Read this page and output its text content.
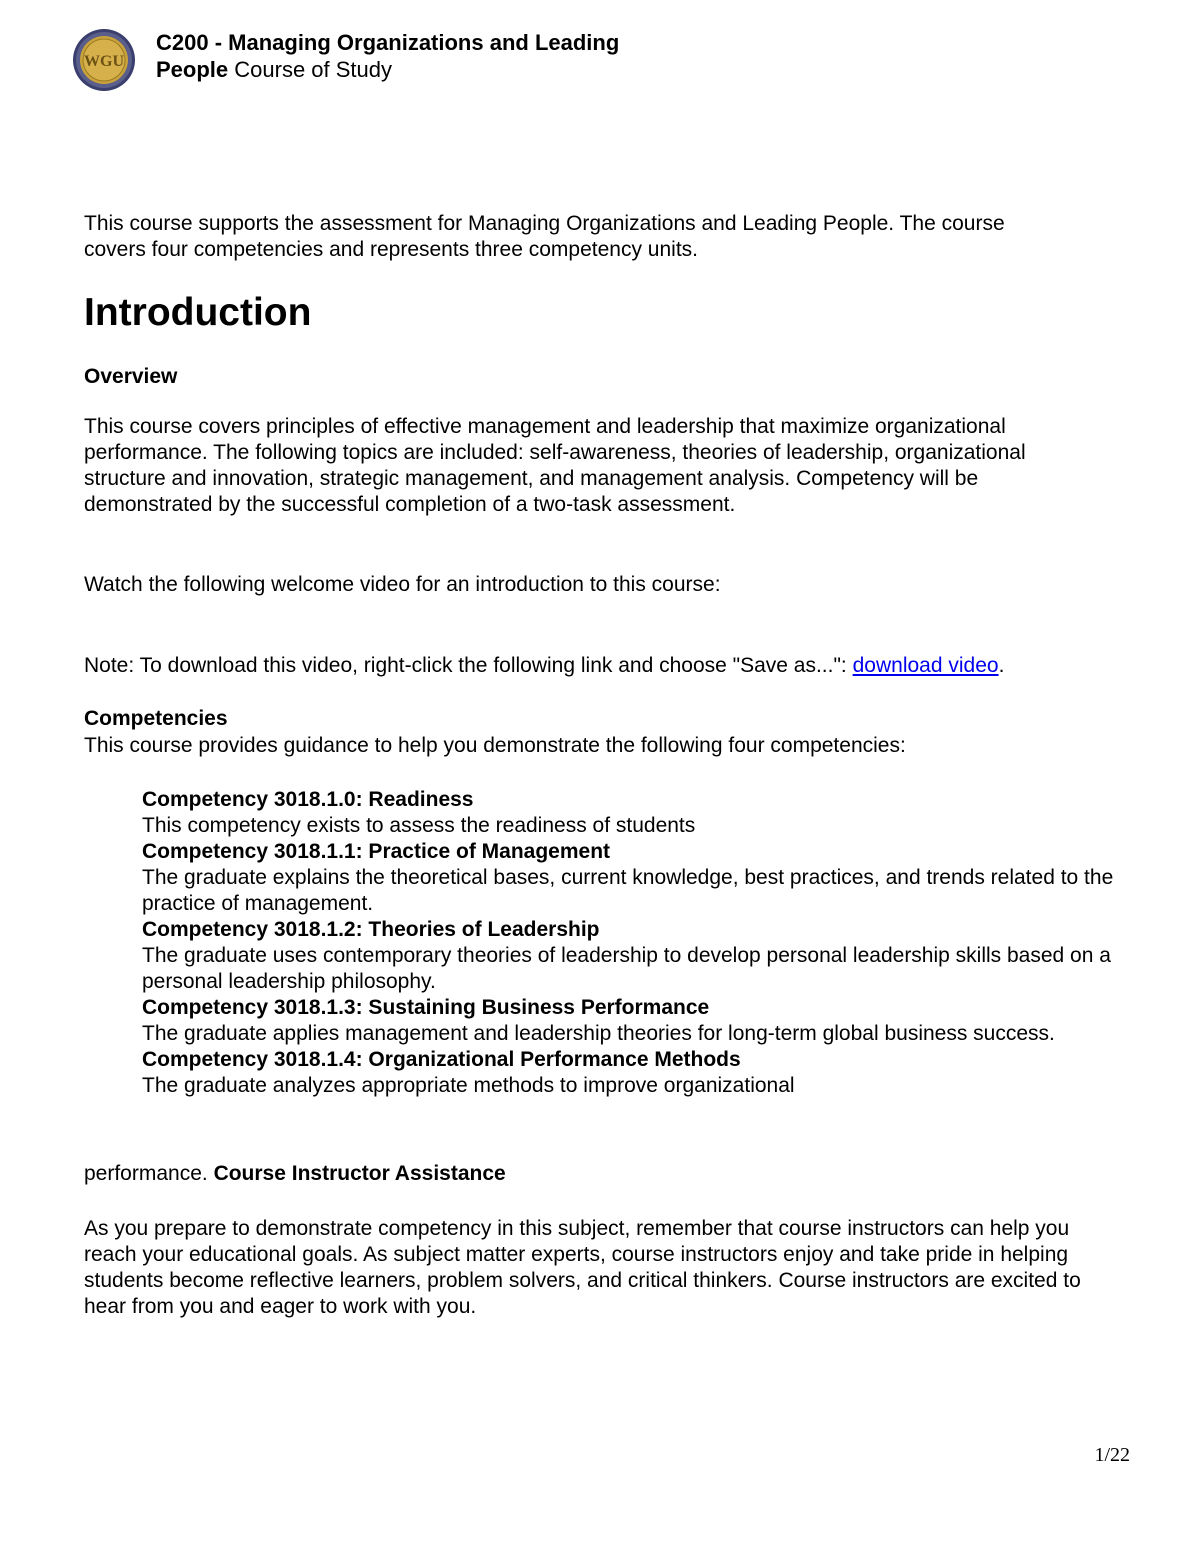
WGU
C200 - Managing Organizations and Leading
People Course of Study
This course supports the assessment for Managing Organizations and Leading People. The course covers four competencies and represents three competency units.
Introduction
Overview
This course covers principles of effective management and leadership that maximize organizational performance. The following topics are included: self-awareness, theories of leadership, organizational structure and innovation, strategic management, and management analysis. Competency will be demonstrated by the successful completion of a two-task assessment.
Watch the following welcome video for an introduction to this course:
Note: To download this video, right-click the following link and choose "Save as...": download video.
Competencies
This course provides guidance to help you demonstrate the following four competencies:
Competency 3018.1.0: Readiness
This competency exists to assess the readiness of students
Competency 3018.1.1: Practice of Management
The graduate explains the theoretical bases, current knowledge, best practices, and trends related to the practice of management.
Competency 3018.1.2: Theories of Leadership
The graduate uses contemporary theories of leadership to develop personal leadership skills based on a personal leadership philosophy.
Competency 3018.1.3: Sustaining Business Performance
The graduate applies management and leadership theories for long-term global business success.
Competency 3018.1.4: Organizational Performance Methods
The graduate analyzes appropriate methods to improve organizational
performance. Course Instructor Assistance
As you prepare to demonstrate competency in this subject, remember that course instructors can help you reach your educational goals. As subject matter experts, course instructors enjoy and take pride in helping students become reflective learners, problem solvers, and critical thinkers. Course instructors are excited to hear from you and eager to work with you.
1/22
